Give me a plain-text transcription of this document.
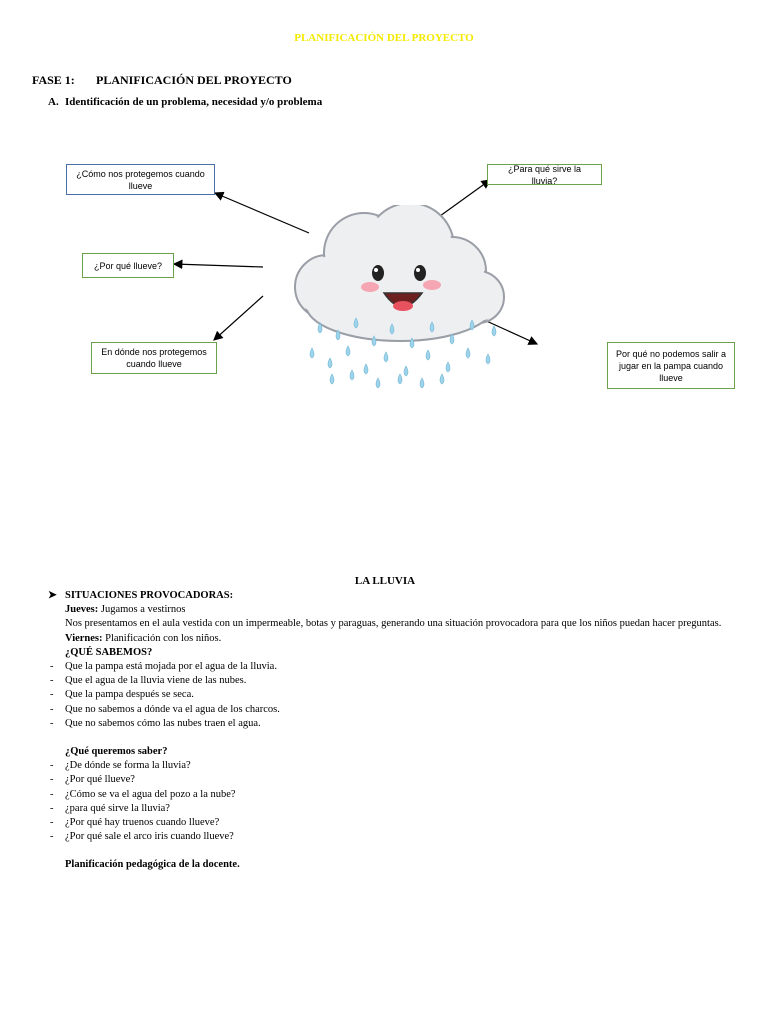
PLANIFICACIÓN DEL PROYECTO
FASE 1: PLANIFICACIÓN DEL PROYECTO
A. Identificación de un problema, necesidad y/o problema
¿Cómo nos protegemos cuando llueve
¿Por qué llueve?
En dónde nos protegemos cuando llueve
¿Para qué sirve la lluvia?
Por qué no podemos salir a jugar en la pampa cuando llueve
LA LLUVIA
➤ SITUACIONES PROVOCADORAS:
Jueves: Jugamos a vestirnos
Nos presentamos en el aula vestida con un impermeable, botas y paraguas, generando una situación provocadora para que los niños puedan hacer preguntas.
Viernes: Planificación con los niños.
¿QUÉ SABEMOS?
- Que la pampa está mojada por el agua de la lluvia.
- Que el agua de la lluvia viene de las nubes.
- Que la pampa después se seca.
- Que no sabemos a dónde va el agua de los charcos.
- Que no sabemos cómo las nubes traen el agua.
¿Qué queremos saber?
- ¿De dónde se forma la lluvia?
- ¿Por qué llueve?
- ¿Cómo se va el agua del pozo a la nube?
- ¿para qué sirve la lluvia?
- ¿Por qué hay truenos cuando llueve?
- ¿Por qué sale el arco iris cuando llueve?
Planificación pedagógica de la docente.
